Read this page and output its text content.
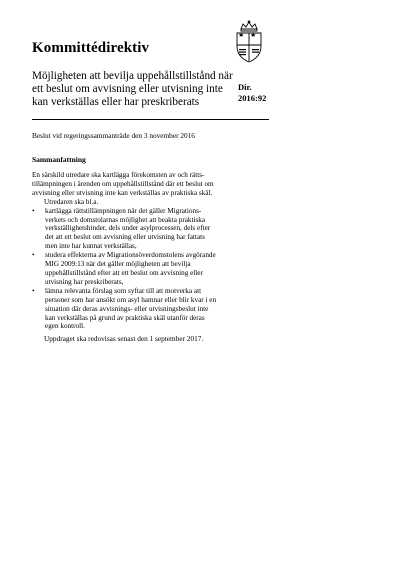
Kommittédirektiv
Möjligheten att bevilja uppehållstillstånd när
ett beslut om avvisning eller utvisning inte
kan verkställas eller har preskriberats
Dir.
2016:92
Beslut vid regeringssammanträde den 3 november 2016
Sammanfattning
En särskild utredare ska kartlägga förekomsten av och rätts-
tillämpningen i ärenden om uppehållstillstånd där ett beslut om
avvisning eller utvisning inte kan verkställas av praktiska skäl.
Utredaren ska bl.a.
• kartlägga rättstillämpningen när det gäller Migrations-
verkets och domstolarnas möjlighet att beakta praktiska
verkställighetshinder, dels under asylprocessen, dels efter
det att ett beslut om avvisning eller utvisning har fattats
men inte har kunnat verkställas,
• studera effekterna av Migrationsöverdomstolens avgörande
MIG 2009:13 när det gäller möjligheten att bevilja
uppehållstillstånd efter att ett beslut om avvisning eller
utvisning har preskriberats,
• lämna relevanta förslag som syftar till att motverka att
personer som har ansökt om asyl hamnar eller blir kvar i en
situation där deras avvisnings- eller utvisningsbeslut inte
kan verkställas på grund av praktiska skäl utanför deras
egen kontroll.
Uppdraget ska redovisas senast den 1 september 2017.
